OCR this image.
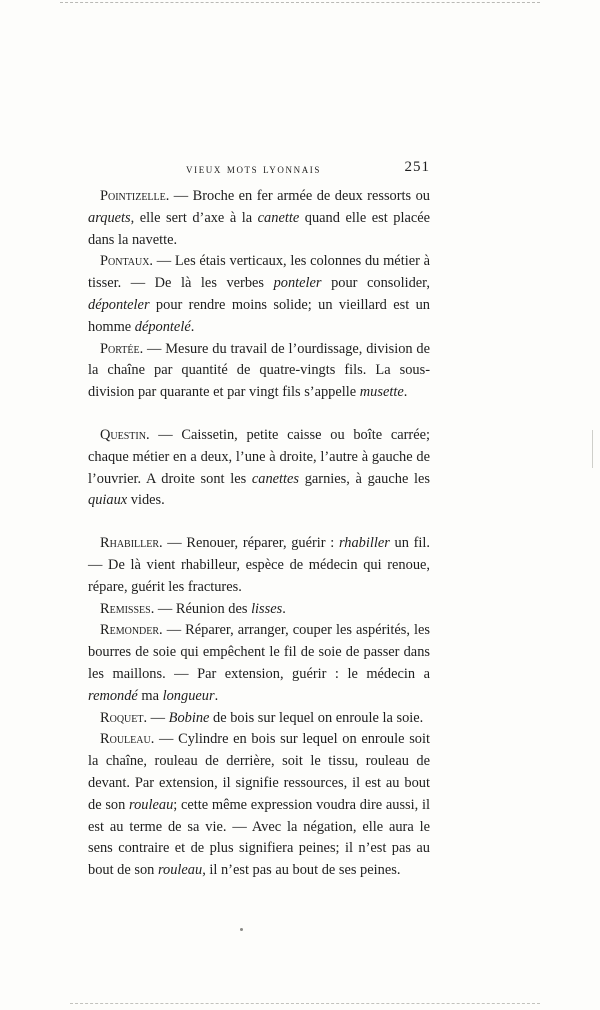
vieux mots lyonnais	251

Pointizelle. — Broche en fer armée de deux ressorts ou arquets, elle sert d’axe à la canette quand elle est placée dans la navette.

Pontaux. — Les étais verticaux, les colonnes du métier à tisser. — De là les verbes ponteler pour consolider, déponteler pour rendre moins solide; un vieillard est un homme dépontelé.

Portée. — Mesure du travail de l’ourdissage, division de la chaîne par quantité de quatre-vingts fils. La sous-division par quarante et par vingt fils s’appelle musette.

Questin. — Caissetin, petite caisse ou boîte carrée; chaque métier en a deux, l’une à droite, l’autre à gauche de l’ouvrier. A droite sont les canettes garnies, à gauche les quiaux vides.

Rhabiller. — Renouer, réparer, guérir : rhabiller un fil. — De là vient rhabilleur, espèce de médecin qui renoue, répare, guérit les fractures.

Remisses. — Réunion des lisses.

Remonder. — Réparer, arranger, couper les aspérités, les bourres de soie qui empêchent le fil de soie de passer dans les maillons. — Par extension, guérir : le médecin a remondé ma longueur.

Roquet. — Bobine de bois sur lequel on enroule la soie.

Rouleau. — Cylindre en bois sur lequel on enroule soit la chaîne, rouleau de derrière, soit le tissu, rouleau de devant. Par extension, il signifie ressources, il est au bout de son rouleau; cette même expression voudra dire aussi, il est au terme de sa vie. — Avec la négation, elle aura le sens contraire et de plus signifiera peines; il n’est pas au bout de son rouleau, il n’est pas au bout de ses peines.
